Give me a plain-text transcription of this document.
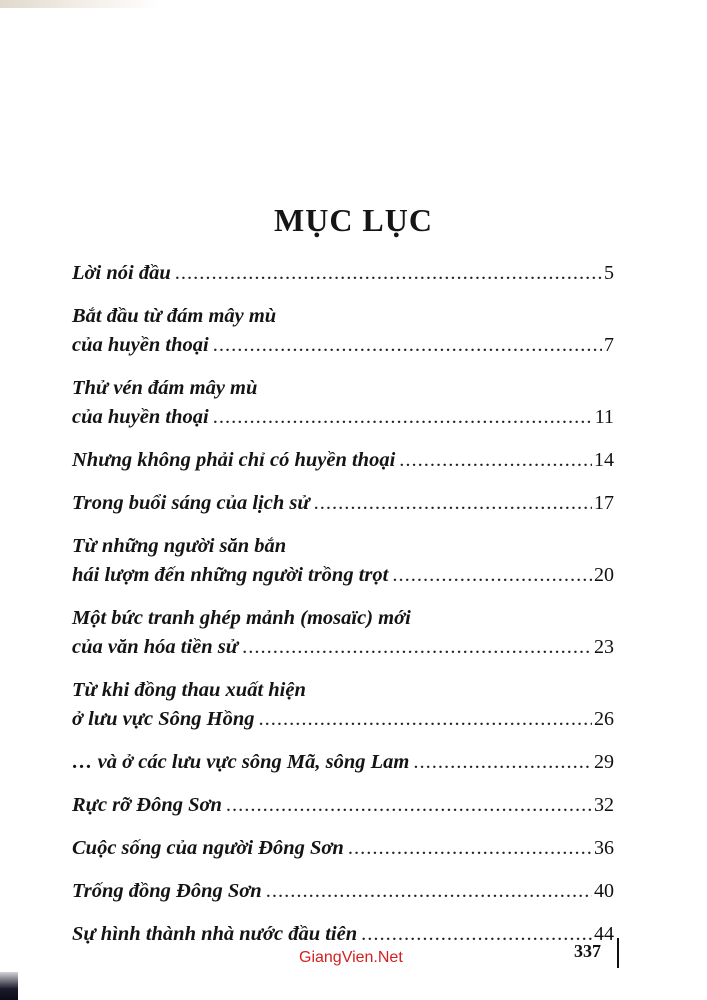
MỤC LỤC
Lời nói đầu .....	5
Bắt đầu từ đám mây mù
của huyền thoại .....	7
Thử vén đám mây mù
của huyền thoại .....	11
Nhưng không phải chỉ có huyền thoại .....	14
Trong buổi sáng của lịch sử .....	17
Từ những người săn bắn
hái lượm đến những người trồng trọt .....	20
Một bức tranh ghép mảnh (mosaïc) mới
của văn hóa tiền sử .....	23
Từ khi đồng thau xuất hiện
ở lưu vực Sông Hồng .....	26
… và ở các lưu vực sông Mã, sông Lam .....	29
Rực rỡ Đông Sơn .....	32
Cuộc sống của người Đông Sơn .....	36
Trống đồng Đông Sơn .....	40
Sự hình thành nhà nước đầu tiên .....	44
GiangVien.Net	337
